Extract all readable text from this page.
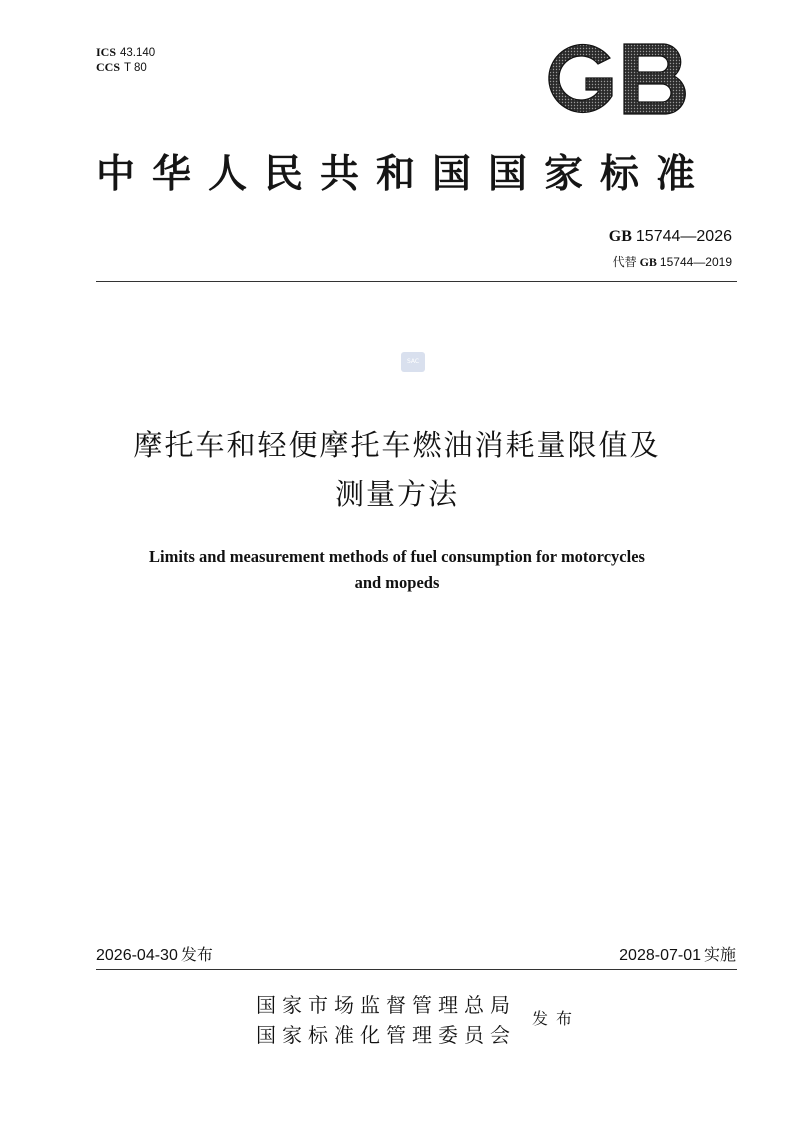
ICS 43.140
CCS T 80
中华人民共和国国家标准
GB 15744—2026
代替 GB 15744—2019
SAC
摩托车和轻便摩托车燃油消耗量限值及
测量方法
Limits and measurement methods of fuel consumption for motorcycles
and mopeds
2026-04-30 发布	2028-07-01 实施
国家市场监督管理总局
国家标准化管理委员会
发布
